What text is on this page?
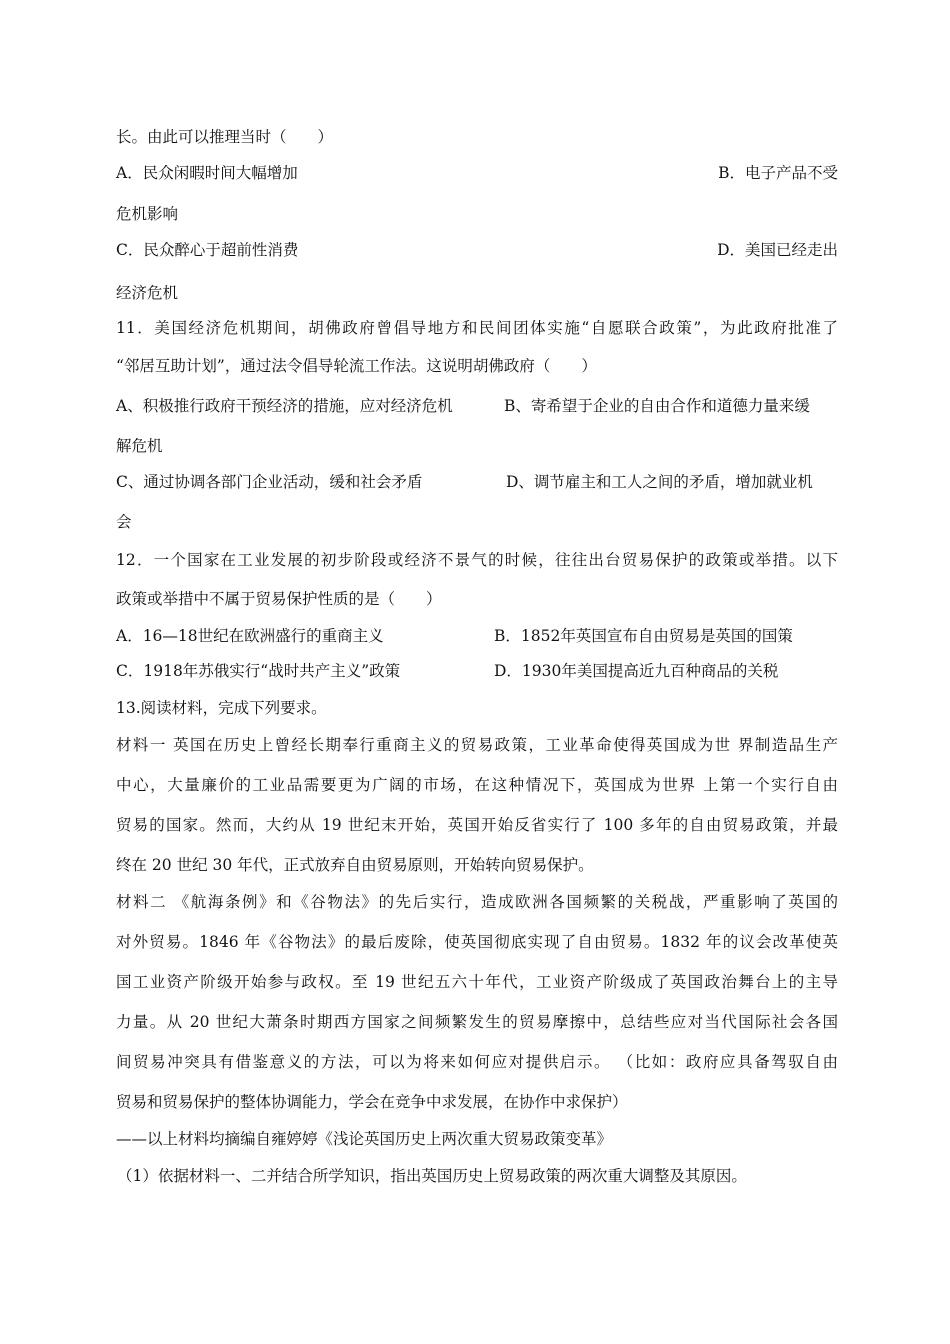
长。由此可以推理当时（　　）
A．民众闲暇时间大幅增加	B．电子产品不受
危机影响
C．民众醉心于超前性消费	D．美国已经走出
经济危机
11．美国经济危机期间，胡佛政府曾倡导地方和民间团体实施“自愿联合政策”，为此政府批准了
“邻居互助计划”，通过法令倡导轮流工作法。这说明胡佛政府（　　）
A、积极推行政府干预经济的措施，应对经济危机	B、寄希望于企业的自由合作和道德力量来缓
解危机
C、通过协调各部门企业活动，缓和社会矛盾	D、调节雇主和工人之间的矛盾，增加就业机
会
12．一个国家在工业发展的初步阶段或经济不景气的时候，往往出台贸易保护的政策或举措。以下
政策或举措中不属于贸易保护性质的是（　　）
A．16—18世纪在欧洲盛行的重商主义	B．1852年英国宣布自由贸易是英国的国策
C．1918年苏俄实行“战时共产主义”政策	D．1930年美国提高近九百种商品的关税
13.阅读材料，完成下列要求。
材料一 英国在历史上曾经长期奉行重商主义的贸易政策，工业革命使得英国成为世 界制造品生产
中心，大量廉价的工业品需要更为广阔的市场，在这种情况下，英国成为世界 上第一个实行自由
贸易的国家。然而，大约从 19 世纪末开始，英国开始反省实行了 100 多年的自由贸易政策，并最
终在 20 世纪 30 年代，正式放弃自由贸易原则，开始转向贸易保护。
材料二 《航海条例》和《谷物法》的先后实行，造成欧洲各国频繁的关税战，严重影响了英国的
对外贸易。1846 年《谷物法》的最后废除，使英国彻底实现了自由贸易。1832 年的议会改革使英
国工业资产阶级开始参与政权。至 19 世纪五六十年代，工业资产阶级成了英国政治舞台上的主导
力量。从 20 世纪大萧条时期西方国家之间频繁发生的贸易摩擦中，总结些应对当代国际社会各国
间贸易冲突具有借鉴意义的方法，可以为将来如何应对提供启示。 （比如：政府应具备驾驭自由
贸易和贸易保护的整体协调能力，学会在竞争中求发展，在协作中求保护）
——以上材料均摘编自雍婷婷《浅论英国历史上两次重大贸易政策变革》
（1）依据材料一、二并结合所学知识，指出英国历史上贸易政策的两次重大调整及其原因。
